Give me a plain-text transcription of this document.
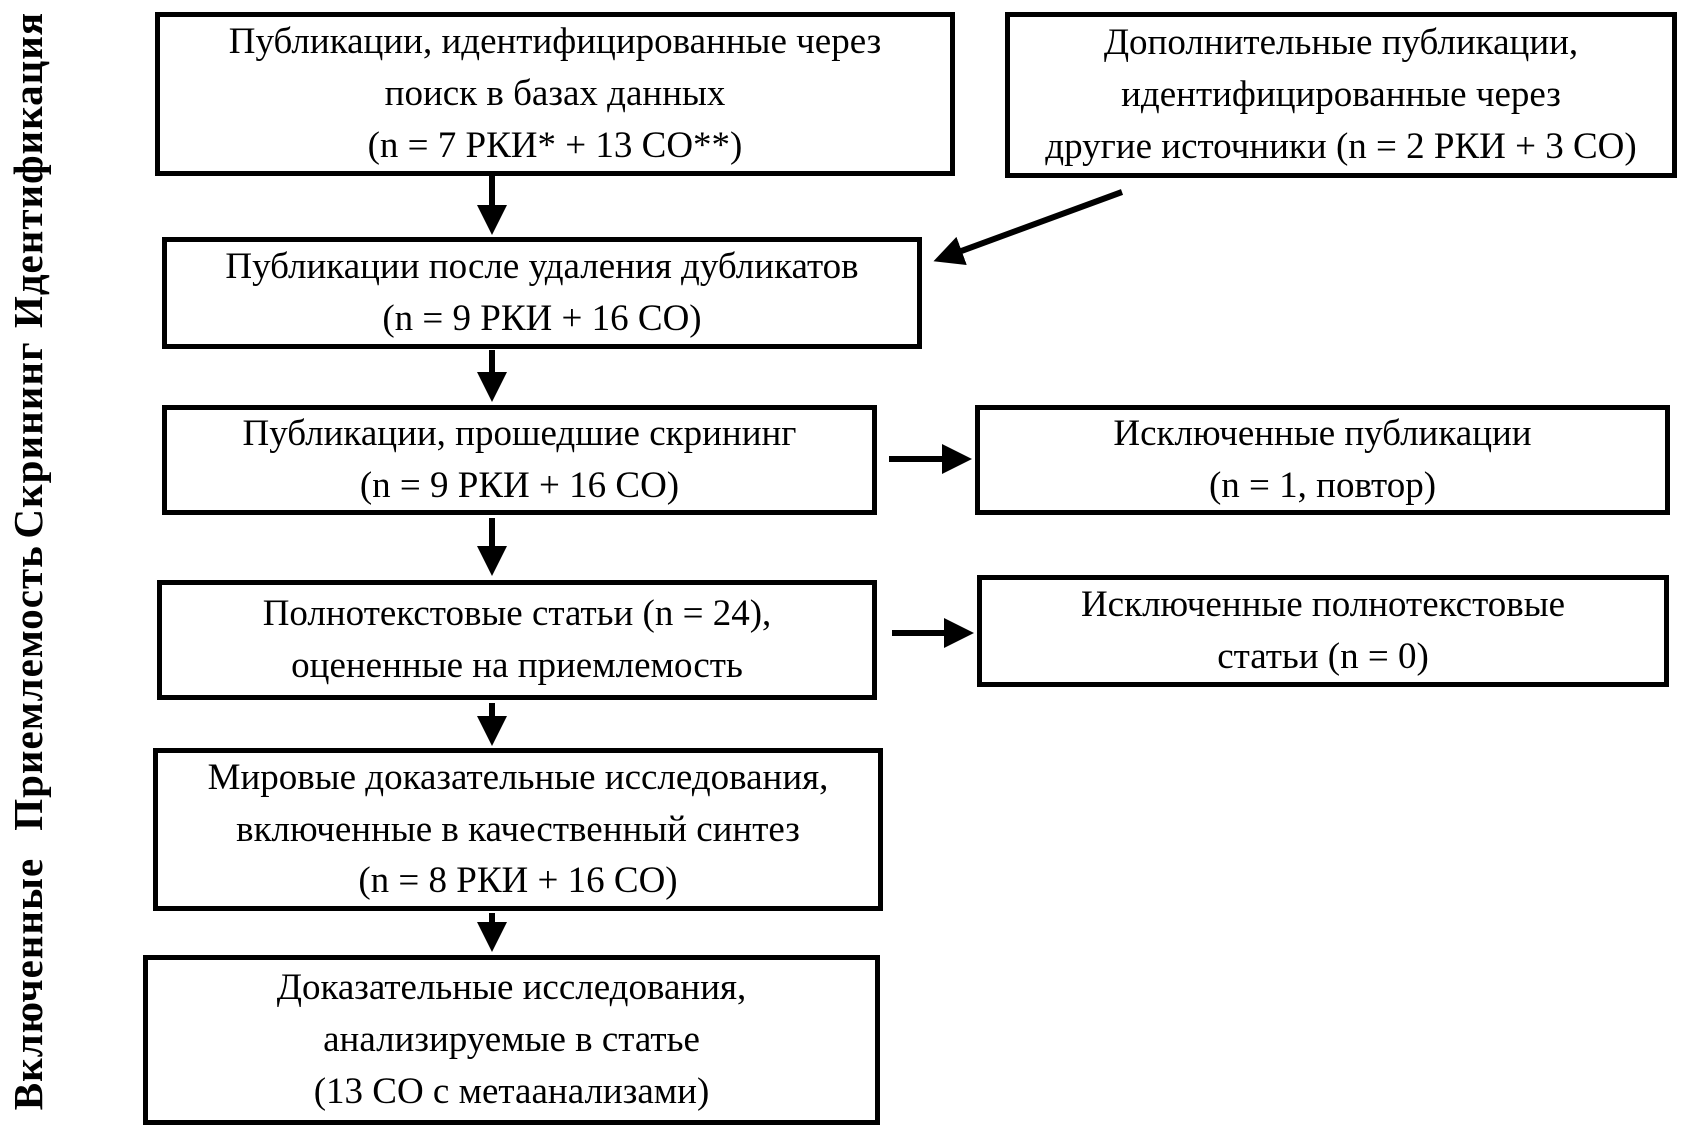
Идентификация
Скрининг
Приемлемость
Включенные
Публикации, идентифицированные через
поиск в базах данных
(n = 7 РКИ* + 13 СО**)
Публикации после удаления дубликатов
(n = 9 РКИ + 16 СО)
Публикации, прошедшие скрининг
(n = 9 РКИ + 16 СО)
Полнотекстовые статьи (n = 24),
оцененные на приемлемость
Мировые доказательные исследования,
включенные в качественный синтез
(n = 8 РКИ + 16 СО)
Доказательные исследования,
анализируемые в статье
(13 СО с метаанализами)
Дополнительные публикации,
идентифицированные через
другие источники (n = 2 РКИ + 3 СО)
Исключенные публикации
(n = 1, повтор)
Исключенные полнотекстовые
статьи (n = 0)
